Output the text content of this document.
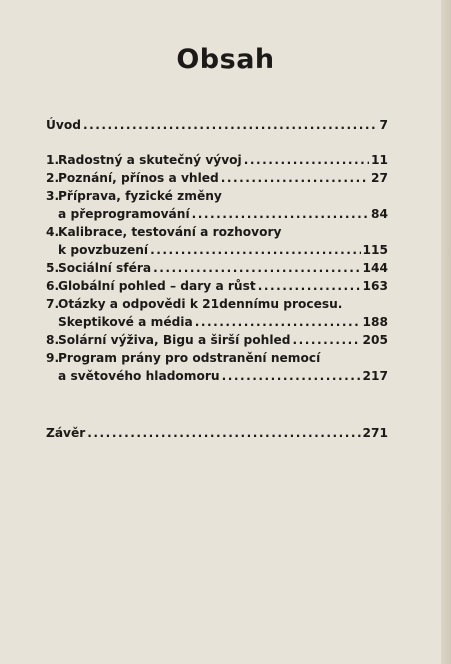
Obsah
Úvod .....	7
1.
Radostný a skutečný vývoj .....	11
2.
Poznání, přínos a vhled .....	27
3.
Příprava, fyzické změny
a přeprogramování .....	84
4.
Kalibrace, testování a rozhovory
k povzbuzení .....	115
5.
Sociální sféra .....	144
6.
Globální pohled – dary a růst .....	163
7.
Otázky a odpovědi k 21dennímu procesu.
Skeptikové a média .....	188
8.
Solární výživa, Bigu a širší pohled .....	205
9.
Program prány pro odstranění nemocí
a světového hladomoru .....	217
Závěr .....	271
